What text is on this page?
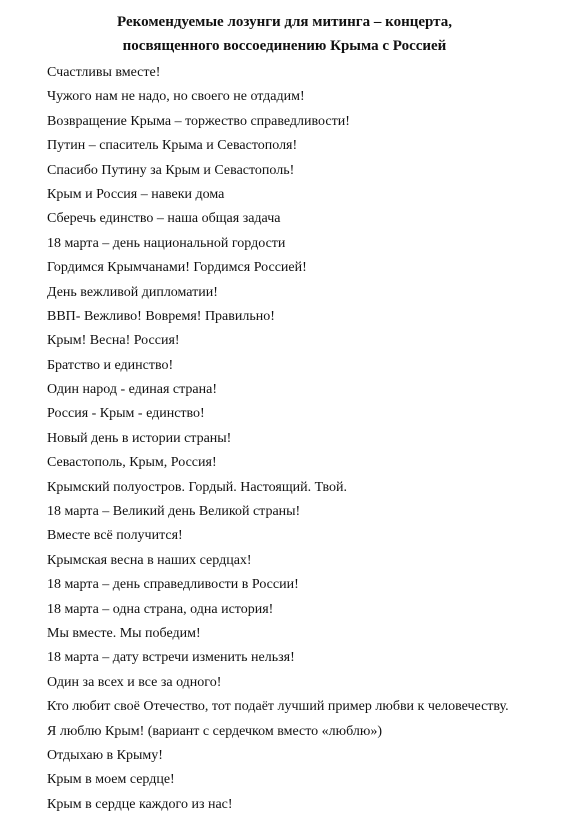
Рекомендуемые лозунги для митинга – концерта,
посвященного воссоединению Крыма с Россией
Счастливы вместе!
Чужого нам не надо, но своего не отдадим!
Возвращение Крыма – торжество справедливости!
Путин – спаситель Крыма и Севастополя!
Спасибо Путину за Крым и Севастополь!
Крым и Россия – навеки дома
Сберечь единство – наша общая задача
18 марта – день национальной гордости
Гордимся Крымчанами! Гордимся Россией!
День вежливой дипломатии!
ВВП- Вежливо! Вовремя! Правильно!
Крым! Весна! Россия!
Братство и единство!
Один народ - единая страна!
Россия - Крым - единство!
Новый день в истории страны!
Севастополь, Крым, Россия!
Крымский полуостров. Гордый. Настоящий. Твой.
18 марта – Великий день Великой страны!
Вместе всё получится!
Крымская весна в наших сердцах!
18 марта – день справедливости в России!
18 марта – одна страна, одна история!
Мы вместе. Мы победим!
18 марта – дату встречи изменить нельзя!
Один за всех и все за одного!
Кто любит своё Отечество, тот подаёт лучший пример любви к человечеству.
Я люблю Крым! (вариант с сердечком вместо «люблю»)
Отдыхаю в Крыму!
Крым в моем сердце!
Крым в сердце каждого из нас!
